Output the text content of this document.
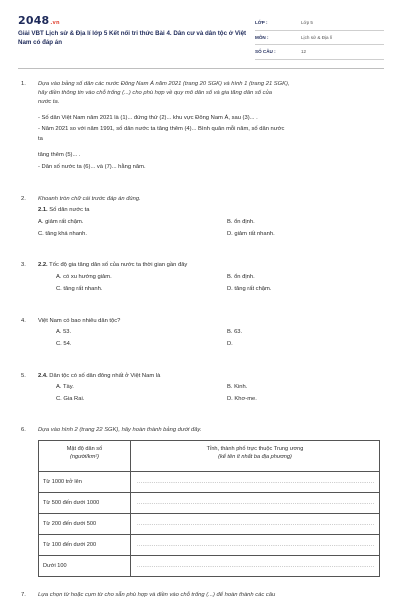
2048.vn
Giải VBT Lịch sử & Địa lí lớp 5 Kết nối tri thức Bài 4. Dân cư và dân tộc ở Việt Nam có đáp án
LỚP :	Lớp 5
MÔN :	Lịch sử & Địa lí
SỐ CÂU :	12
1. Dựa vào bảng số dân các nước Đông Nam Á năm 2021 (trang 20 SGK) và hình 1 (trang 21 SGK),
hãy điền thông tin vào chỗ trống (...) cho phù hợp về quy mô dân số và gia tăng dân số của
nước ta.
- Số dân Việt Nam năm 2021 là (1)... đứng thứ (2)... khu vực Đông Nam Á, sau (3)... .
- Năm 2021 so với năm 1991, số dân nước ta tăng thêm (4)... Bình quân mỗi năm, số dân nước
ta
tăng thêm (5)... .
- Dân số nước ta (6)... và (7)... hằng năm.
2. Khoanh tròn chữ cái trước đáp án đúng.
2.1. Số dân nước ta
A. giảm rất chậm.	B. ổn định.
C. tăng khá nhanh.	D. giảm rất nhanh.
3. 2.2. Tốc độ gia tăng dân số của nước ta thời gian gần đây
A. có xu hướng giảm.	B. ổn định.
C. tăng rất nhanh.	D. tăng rất chậm.
4. Việt Nam có bao nhiêu dân tộc?
A. 53.	B. 63.
C. 54.	D.
5. 2.4. Dân tộc có số dân đông nhất ở Việt Nam là
A. Tày.	B. Kinh.
C. Gia Rai.	D. Khơ-me.
6. Dựa vào hình 2 (trang 22 SGK), hãy hoàn thành bảng dưới đây.
7. Lựa chọn từ hoặc cụm từ cho sẵn phù hợp và điền vào chỗ trống (...) để hoàn thành các câu
Mật độ dân số
(người/km²)	Tỉnh, thành phố trực thuộc Trung ương
(kể tên ít nhất ba địa phương)

Từ 1000 trở lên	................................................................................................................................
Từ 500 đến dưới 1000	................................................................................................................................
Từ 200 đến dưới 500	................................................................................................................................
Từ 100 đến dưới 200	................................................................................................................................
Dưới 100	................................................................................................................................
